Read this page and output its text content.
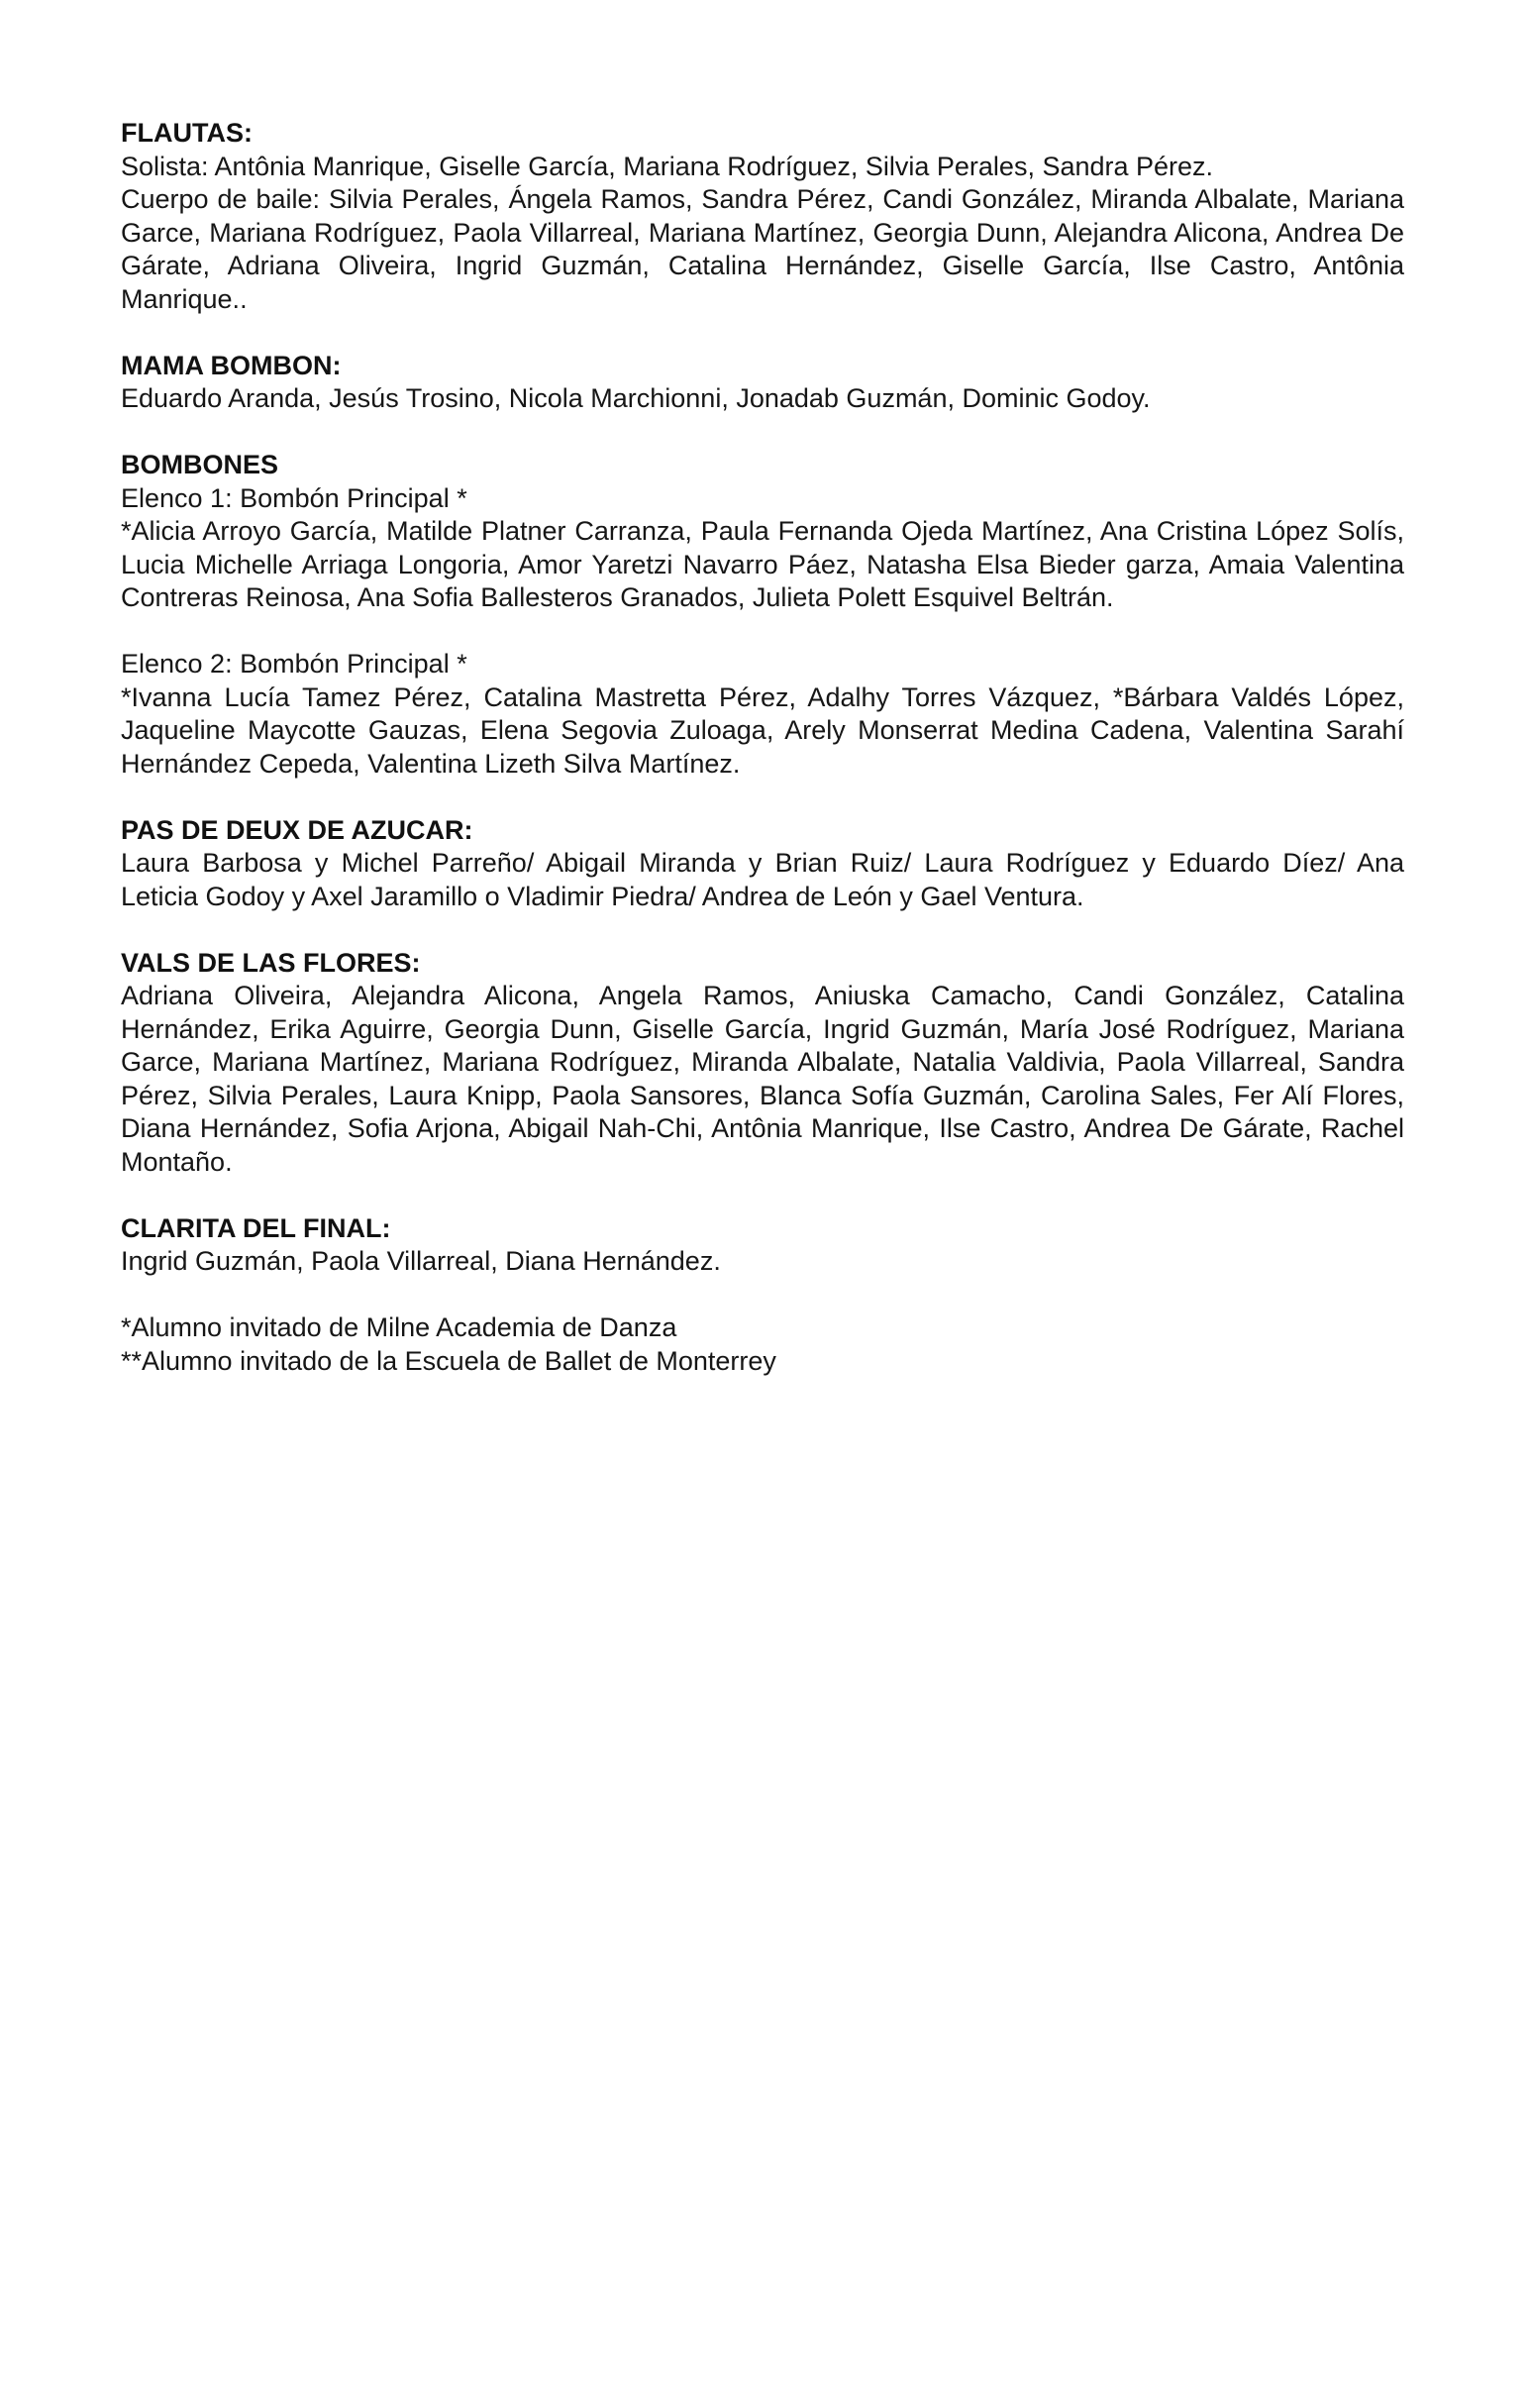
FLAUTAS:
Solista: Antônia Manrique, Giselle García, Mariana Rodríguez, Silvia Perales, Sandra Pérez.
Cuerpo de baile: Silvia Perales, Ángela Ramos, Sandra Pérez, Candi González, Miranda Albalate, Mariana Garce, Mariana Rodríguez, Paola Villarreal, Mariana Martínez, Georgia Dunn, Alejandra Alicona, Andrea De Gárate, Adriana Oliveira, Ingrid Guzmán, Catalina Hernández, Giselle García, Ilse Castro, Antônia Manrique..
MAMA BOMBON:
Eduardo Aranda, Jesús Trosino, Nicola Marchionni, Jonadab Guzmán, Dominic Godoy.
BOMBONES
Elenco 1: Bombón Principal *
*Alicia Arroyo García, Matilde Platner Carranza, Paula Fernanda Ojeda Martínez, Ana Cristina López Solís, Lucia Michelle Arriaga Longoria, Amor Yaretzi Navarro Páez, Natasha Elsa Bieder garza, Amaia Valentina Contreras Reinosa, Ana Sofia Ballesteros Granados, Julieta Polett Esquivel Beltrán.
Elenco 2: Bombón Principal *
*Ivanna Lucía Tamez Pérez, Catalina Mastretta Pérez, Adalhy Torres Vázquez, *Bárbara Valdés López, Jaqueline Maycotte Gauzas, Elena Segovia Zuloaga, Arely Monserrat Medina Cadena, Valentina Sarahí Hernández Cepeda, Valentina Lizeth Silva Martínez.
PAS DE DEUX DE AZUCAR:
Laura Barbosa y Michel Parreño/ Abigail Miranda y Brian Ruiz/ Laura Rodríguez y Eduardo Díez/ Ana Leticia Godoy y Axel Jaramillo o Vladimir Piedra/ Andrea de León y Gael Ventura.
VALS DE LAS FLORES:
Adriana Oliveira, Alejandra Alicona, Angela Ramos, Aniuska Camacho, Candi González, Catalina Hernández, Erika Aguirre, Georgia Dunn, Giselle García, Ingrid Guzmán, María José Rodríguez, Mariana Garce, Mariana Martínez, Mariana Rodríguez, Miranda Albalate, Natalia Valdivia, Paola Villarreal, Sandra Pérez, Silvia Perales, Laura Knipp, Paola Sansores, Blanca Sofía Guzmán, Carolina Sales, Fer Alí Flores, Diana Hernández, Sofia Arjona, Abigail Nah-Chi, Antônia Manrique, Ilse Castro, Andrea De Gárate, Rachel Montaño.
CLARITA DEL FINAL:
Ingrid Guzmán, Paola Villarreal, Diana Hernández.
*Alumno invitado de Milne Academia de Danza
**Alumno invitado de la Escuela de Ballet de Monterrey
